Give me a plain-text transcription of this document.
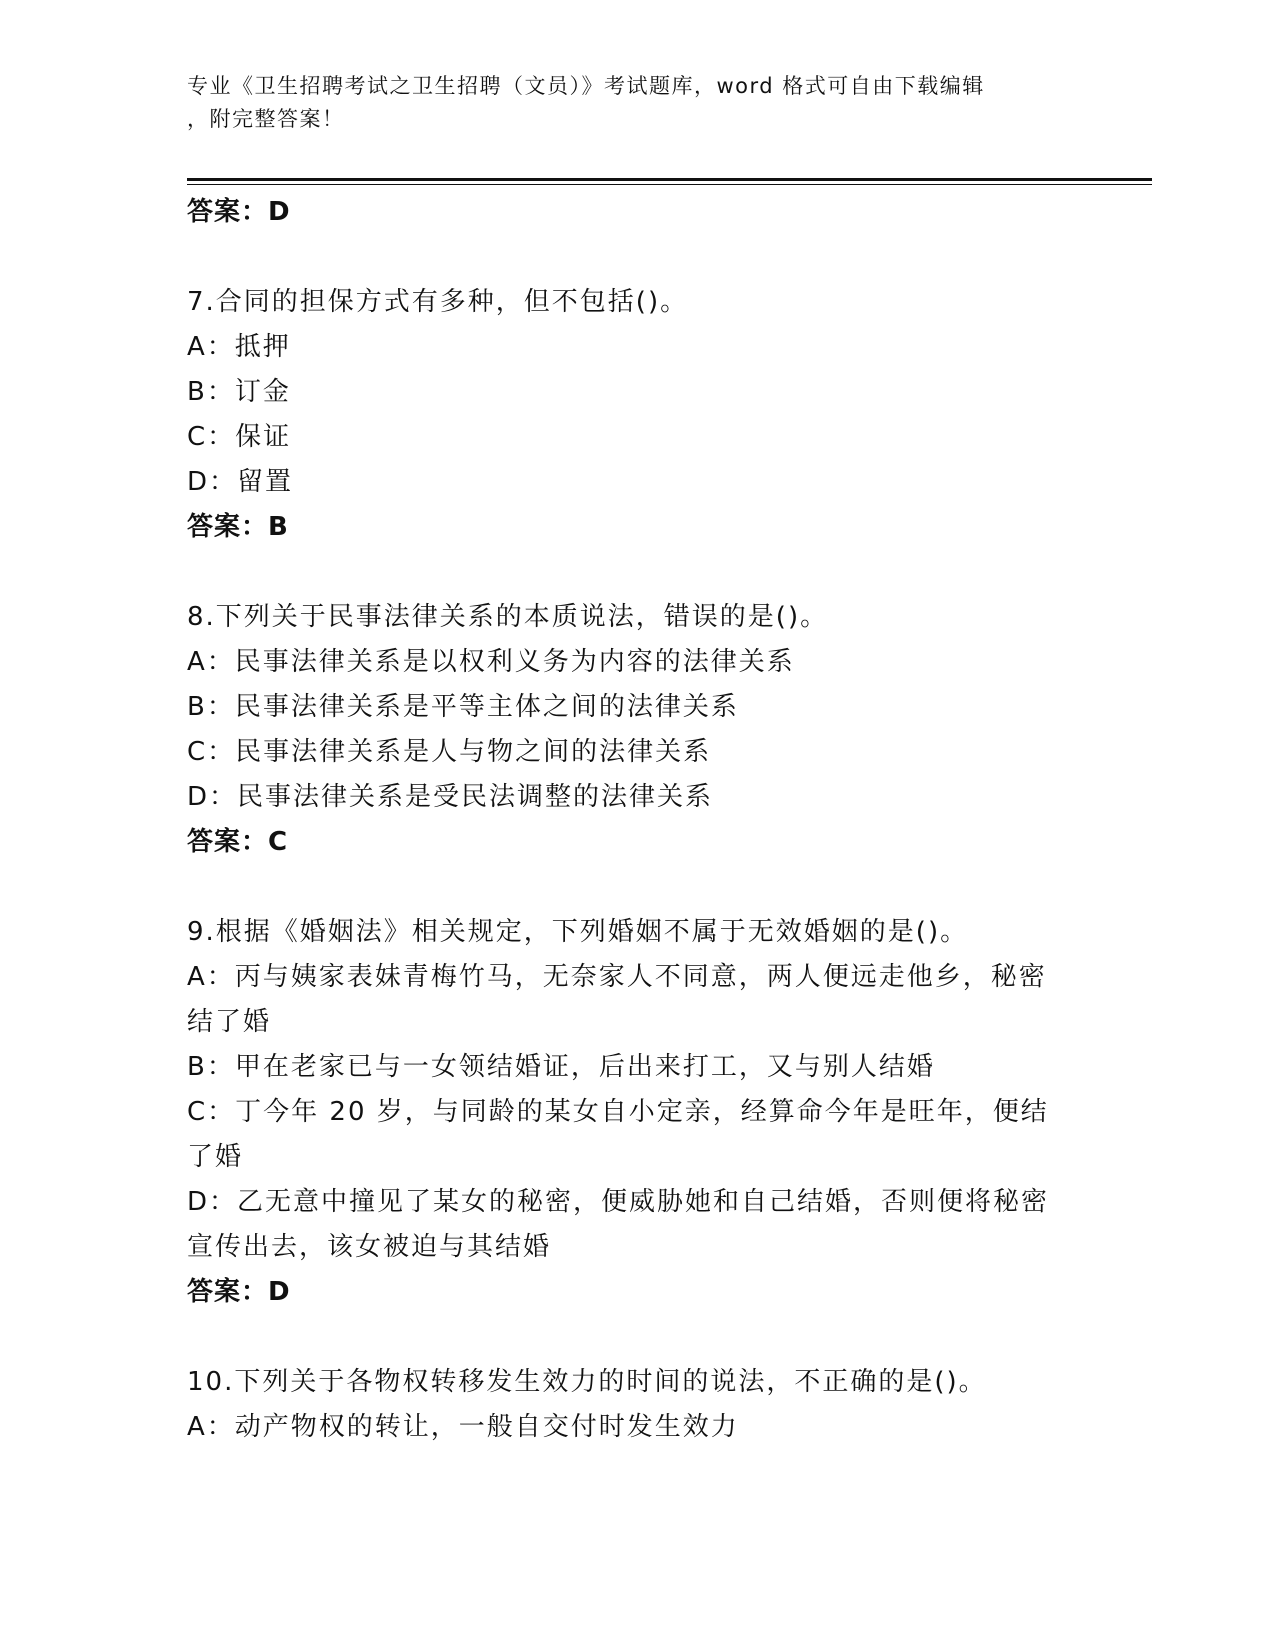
专业《卫生招聘考试之卫生招聘（文员）》考试题库，word 格式可自由下载编辑

，附完整答案！

答案：D
7.合同的担保方式有多种，但不包括()。
A：抵押
B：订金
C：保证
D：留置
答案：B
8.下列关于民事法律关系的本质说法，错误的是()。
A：民事法律关系是以权利义务为内容的法律关系
B：民事法律关系是平等主体之间的法律关系
C：民事法律关系是人与物之间的法律关系
D：民事法律关系是受民法调整的法律关系
答案：C
9.根据《婚姻法》相关规定，下列婚姻不属于无效婚姻的是()。
A：丙与姨家表妹青梅竹马，无奈家人不同意，两人便远走他乡，秘密
结了婚
B：甲在老家已与一女领结婚证，后出来打工，又与别人结婚
C：丁今年 20 岁，与同龄的某女自小定亲，经算命今年是旺年，便结
了婚
D：乙无意中撞见了某女的秘密，便威胁她和自己结婚，否则便将秘密
宣传出去，该女被迫与其结婚
答案：D
10.下列关于各物权转移发生效力的时间的说法，不正确的是()。
A：动产物权的转让，一般自交付时发生效力
